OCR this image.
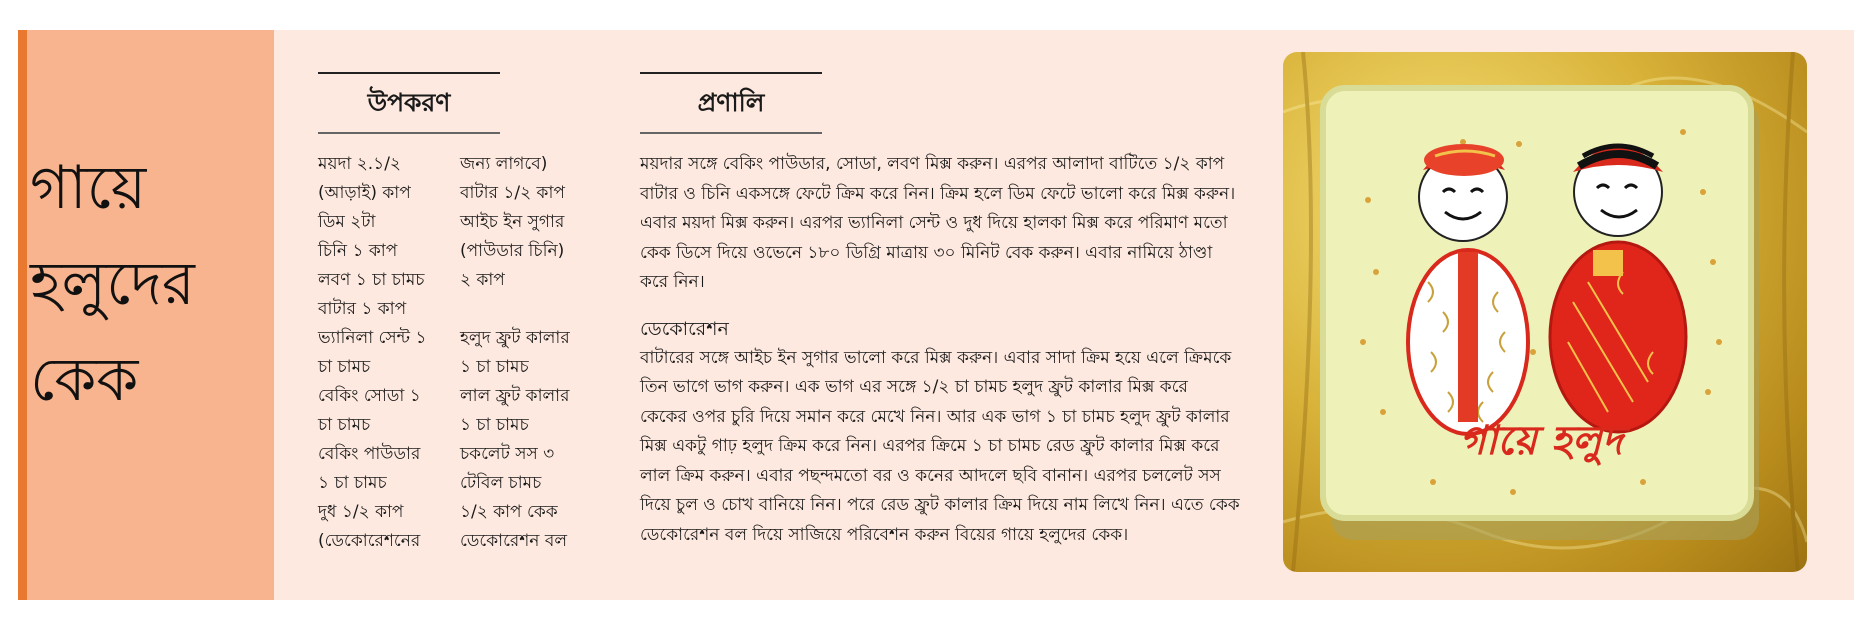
গায়ে
হলুদের
কেক
উপকরণ
ময়দা ২.১/২
(আড়াই) কাপ
ডিম ২টা
চিনি ১ কাপ
লবণ ১ চা চামচ
বাটার ১ কাপ
ভ্যানিলা সেন্ট ১
চা চামচ
বেকিং সোডা ১
চা চামচ
বেকিং পাউডার
১ চা চামচ
দুধ ১/২ কাপ
(ডেকোরেশনের
জন্য লাগবে)
বাটার ১/২ কাপ
আইচ ইন সুগার
(পাউডার চিনি)
২ কাপ
হলুদ ফ্রুট কালার
১ চা চামচ
লাল ফ্রুট কালার
১ চা চামচ
চকলেট সস ৩
টেবিল চামচ
১/২ কাপ কেক
ডেকোরেশন বল
প্রণালি

ময়দার সঙ্গে বেকিং পাউডার, সোডা, লবণ মিক্স করুন। এরপর আলাদা বাটিতে ১/২ কাপ বাটার ও চিনি একসঙ্গে ফেটে ক্রিম করে নিন। ক্রিম হলে ডিম ফেটে ভালো করে মিক্স করুন। এবার ময়দা মিক্স করুন। এরপর ভ্যানিলা সেন্ট ও দুধ দিয়ে হালকা মিক্স করে পরিমাণ মতো কেক ডিসে দিয়ে ওভেনে ১৮০ ডিগ্রি মাত্রায় ৩০ মিনিট বেক করুন। এবার নামিয়ে ঠাণ্ডা করে নিন।

ডেকোরেশন

বাটারের সঙ্গে আইচ ইন সুগার ভালো করে মিক্স করুন। এবার সাদা ক্রিম হয়ে এলে ক্রিমকে তিন ভাগে ভাগ করুন। এক ভাগ এর সঙ্গে ১/২ চা চামচ হলুদ ফ্রুট কালার মিক্স করে কেকের ওপর চুরি দিয়ে সমান করে মেখে নিন। আর এক ভাগ ১ চা চামচ হলুদ ফ্রুট কালার মিক্স একটু গাঢ় হলুদ ক্রিম করে নিন। এরপর ক্রিমে ১ চা চামচ রেড ফ্রুট কালার মিক্স করে লাল ক্রিম করুন। এবার পছন্দমতো বর ও কনের আদলে ছবি বানান। এরপর চললেট সস দিয়ে চুল ও চোখ বানিয়ে নিন। পরে রেড ফ্রুট কালার ক্রিম দিয়ে নাম লিখে নিন। এতে কেক ডেকোরেশন বল দিয়ে সাজিয়ে পরিবেশন করুন বিয়ের গায়ে হলুদের কেক।

গায়ে হলুদ
